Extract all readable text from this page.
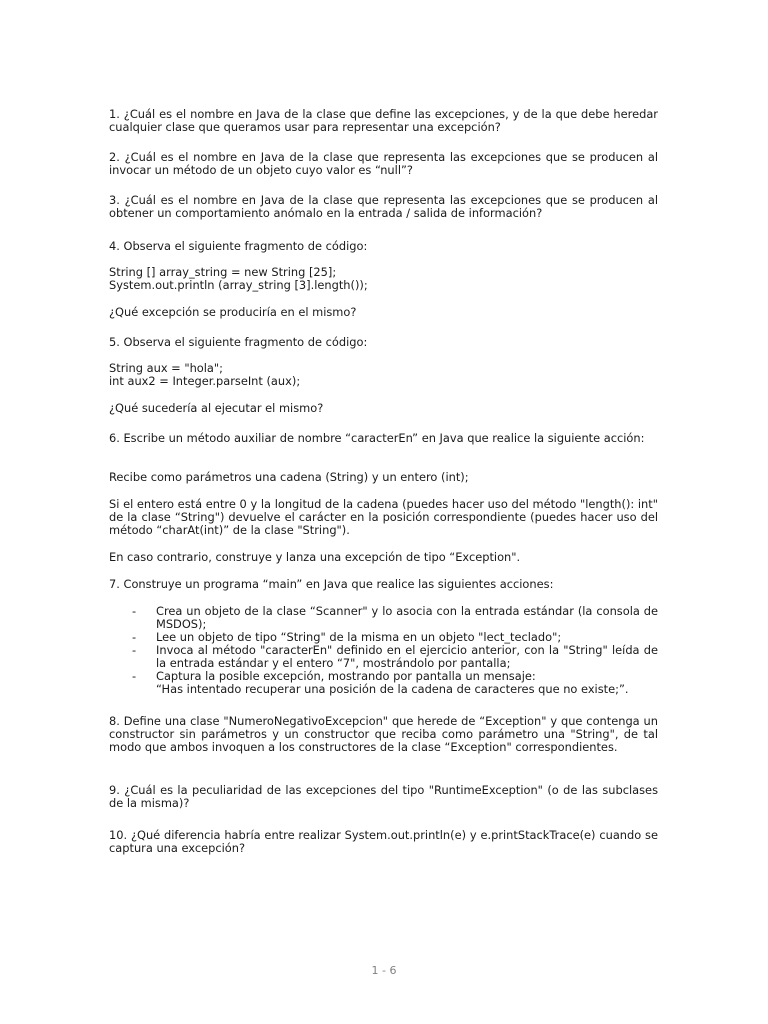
1. ¿Cuál es el nombre en Java de la clase que define las excepciones, y de la que debe heredar cualquier clase que queramos usar para representar una excepción?

2. ¿Cuál es el nombre en Java de la clase que representa las excepciones que se producen al invocar un método de un objeto cuyo valor es “null”?

3. ¿Cuál es el nombre en Java de la clase que representa las excepciones que se producen al obtener un comportamiento anómalo en la entrada / salida de información?

4. Observa el siguiente fragmento de código:

String [] array_string = new String [25];

System.out.println (array_string [3].length());

¿Qué excepción se produciría en el mismo?

5. Observa el siguiente fragmento de código:

String aux = "hola";

int aux2 = Integer.parseInt (aux);

¿Qué sucedería al ejecutar el mismo?

6. Escribe un método auxiliar de nombre “caracterEn” en Java que realice la siguiente acción:

Recibe como parámetros una cadena (String) y un entero (int);

Si el entero está entre 0 y la longitud de la cadena (puedes hacer uso del método "length(): int" de la clase “String") devuelve el carácter en la posición correspondiente (puedes hacer uso del método “charAt(int)” de la clase "String").

En caso contrario, construye y lanza una excepción de tipo “Exception".

7. Construye un programa “main” en Java que realice las siguientes acciones:

- Crea un objeto de la clase “Scanner" y lo asocia con la entrada estándar (la consola de MSDOS);
- Lee un objeto de tipo “String" de la misma en un objeto "lect_teclado";
- Invoca al método "caracterEn" definido en el ejercicio anterior, con la "String" leída de la entrada estándar y el entero “7", mostrándolo por pantalla;
- Captura la posible excepción, mostrando por pantalla un mensaje:

“Has intentado recuperar una posición de la cadena de caracteres que no existe;”.

8. Define una clase "NumeroNegativoExcepcion" que herede de “Exception" y que contenga un constructor sin parámetros y un constructor que reciba como parámetro una "String", de tal modo que ambos invoquen a los constructores de la clase “Exception" correspondientes.

9. ¿Cuál es la peculiaridad de las excepciones del tipo "RuntimeException" (o de las subclases de la misma)?

10. ¿Qué diferencia habría entre realizar System.out.println(e) y e.printStackTrace(e) cuando se captura una excepción?

1 - 6
